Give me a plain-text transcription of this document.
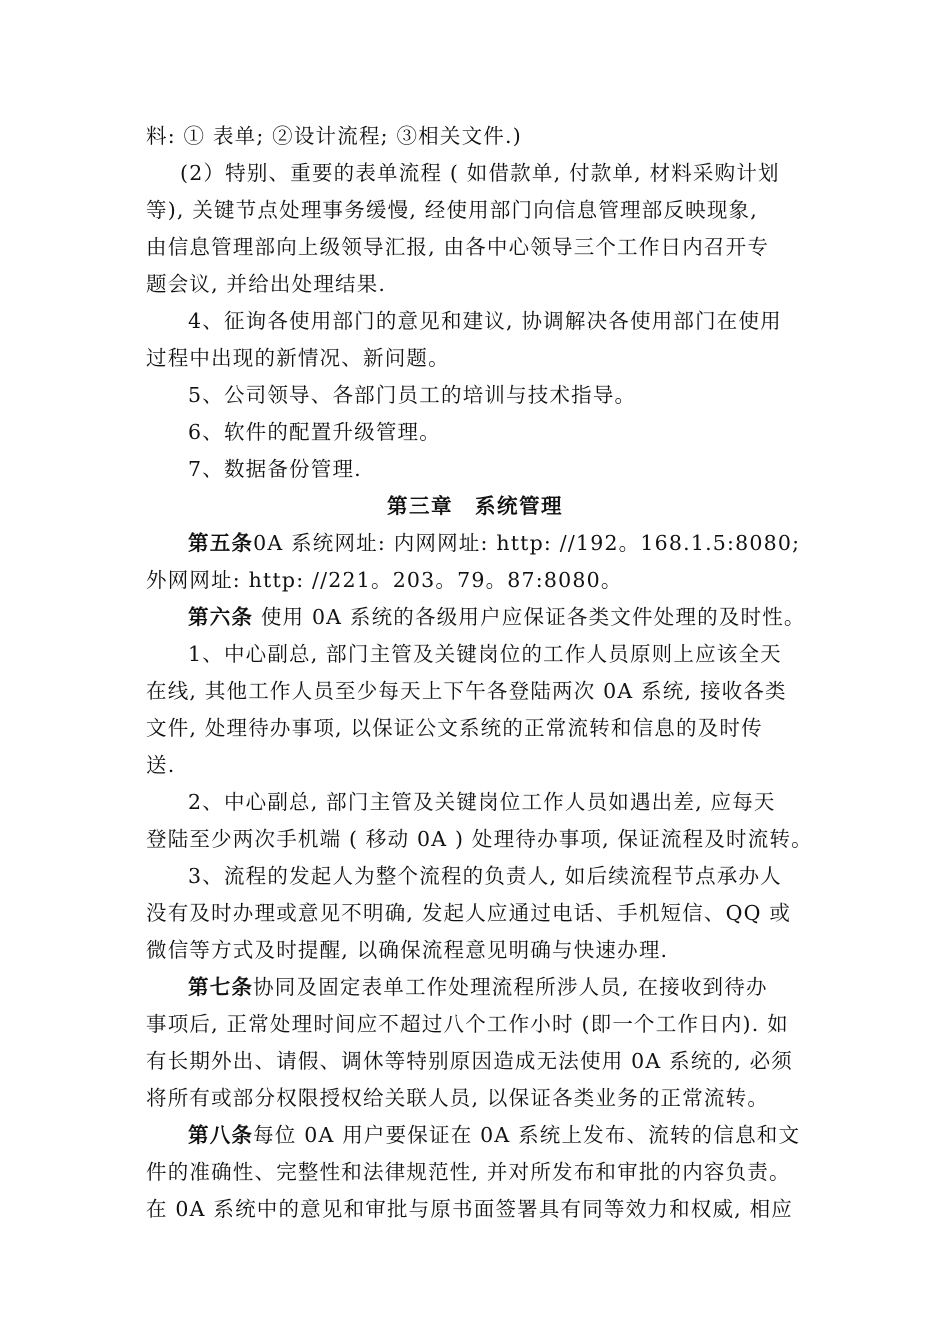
料: ① 表单; ②设计流程; ③相关文件.)
(2）特别、重要的表单流程 ( 如借款单, 付款单, 材料采购计划
等), 关键节点处理事务缓慢, 经使用部门向信息管理部反映现象,
由信息管理部向上级领导汇报, 由各中心领导三个工作日内召开专
题会议, 并给出处理结果.
4、征询各使用部门的意见和建议, 协调解决各使用部门在使用
过程中出现的新情况、新问题。
5、公司领导、各部门员工的培训与技术指导。
6、软件的配置升级管理。
7、数据备份管理.
第三章　系统管理
第五条0A 系统网址: 内网网址: http: //192。168.1.5:8080;
外网网址: http: //221。203。79。87:8080。
第六条 使用 0A 系统的各级用户应保证各类文件处理的及时性。
1、中心副总, 部门主管及关键岗位的工作人员原则上应该全天
在线, 其他工作人员至少每天上下午各登陆两次 0A 系统, 接收各类
文件, 处理待办事项, 以保证公文系统的正常流转和信息的及时传
送.
2、中心副总, 部门主管及关键岗位工作人员如遇出差, 应每天
登陆至少两次手机端 ( 移动 0A ) 处理待办事项, 保证流程及时流转。
3、流程的发起人为整个流程的负责人, 如后续流程节点承办人
没有及时办理或意见不明确, 发起人应通过电话、手机短信、QQ 或
微信等方式及时提醒, 以确保流程意见明确与快速办理.
第七条协同及固定表单工作处理流程所涉人员, 在接收到待办
事项后, 正常处理时间应不超过八个工作小时 (即一个工作日内). 如
有长期外出、请假、调休等特别原因造成无法使用 0A 系统的, 必须
将所有或部分权限授权给关联人员, 以保证各类业务的正常流转。
第八条每位 0A 用户要保证在 0A 系统上发布、流转的信息和文
件的准确性、完整性和法律规范性, 并对所发布和审批的内容负责。
在 0A 系统中的意见和审批与原书面签署具有同等效力和权威, 相应
